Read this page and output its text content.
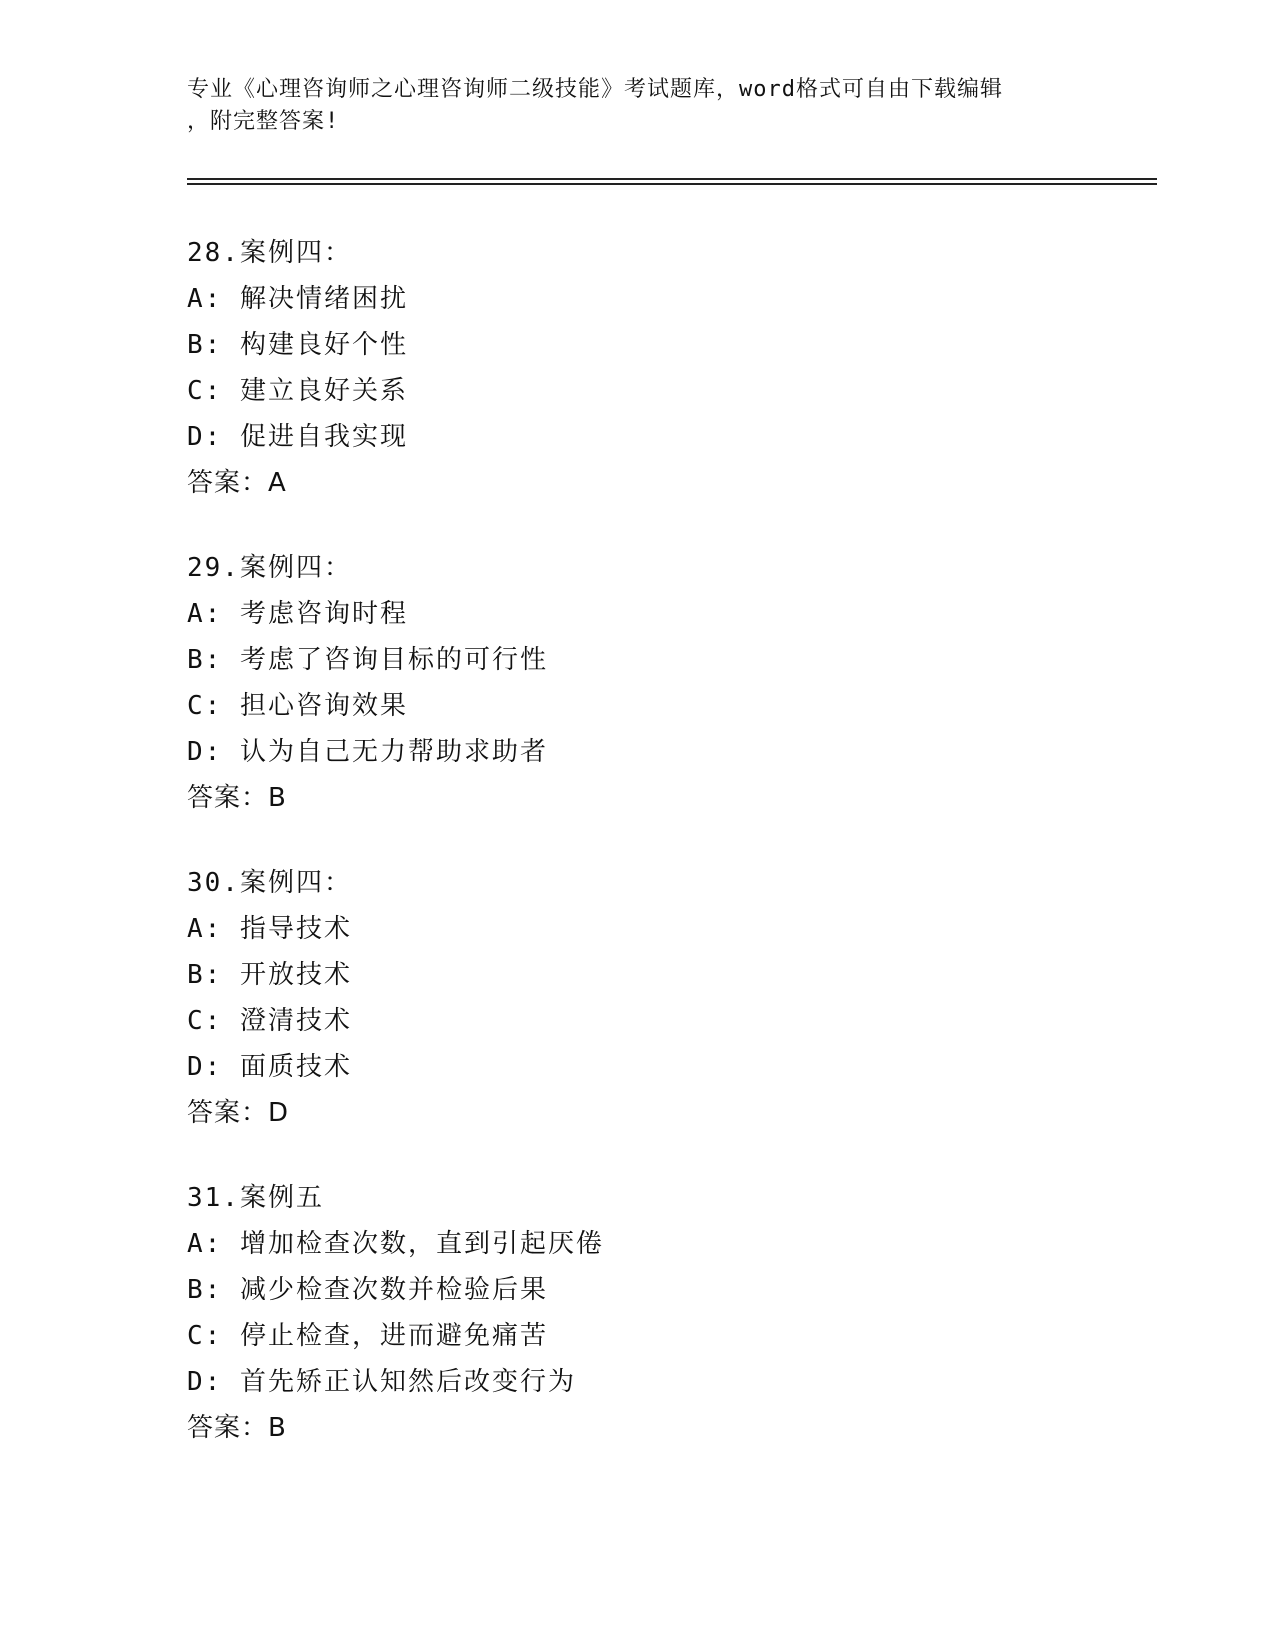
专业《心理咨询师之心理咨询师二级技能》考试题库，word格式可自由下载编辑
，附完整答案!
28.案例四：
A: 解决情绪困扰
B: 构建良好个性
C: 建立良好关系
D: 促进自我实现
答案：A
29.案例四：
A: 考虑咨询时程
B: 考虑了咨询目标的可行性
C: 担心咨询效果
D: 认为自己无力帮助求助者
答案：B
30.案例四：
A: 指导技术
B: 开放技术
C: 澄清技术
D: 面质技术
答案：D
31.案例五
A: 增加检查次数，直到引起厌倦
B: 减少检查次数并检验后果
C: 停止检查，进而避免痛苦
D: 首先矫正认知然后改变行为
答案：B
